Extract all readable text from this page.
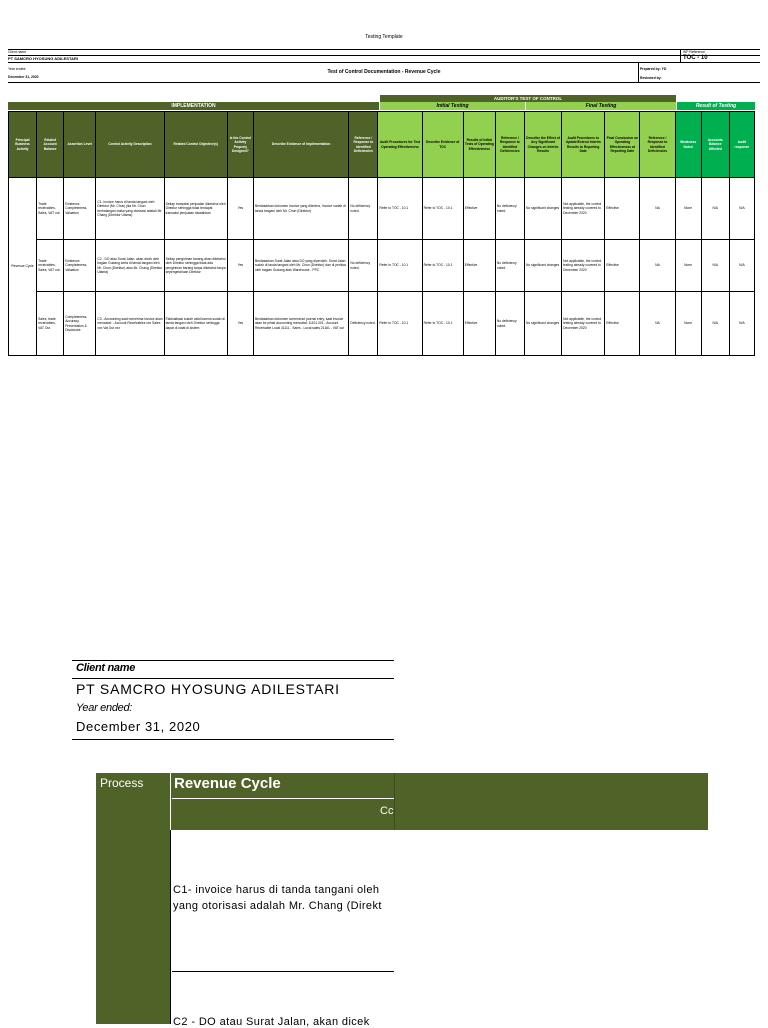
Testing Template
Client name	WP Reference
PT SAMCRO HYOSUNG ADILESTARI	TOC - 10
Year ended:	Test of Control Documentation - Revenue Cycle	Prepared by: YD
December 31, 2020	Reviewed by:
AUDITOR'S TEST OF CONTROL
IMPLEMENTATION	Initial Testing	Final Testing	Result of Testing
Principal Business Activity	Related Account Balance	Assertion Level	Control Activity Description	Related Control Objective(s)	Is the Control Activity Properly Designed?	Describe Evidence of Implementation	Reference / Response to Identified Deficiencies	Audit Procedures for Test Operating Effectiveness	Describe Evidence of TOC	Results of Initial Tests of Operating Effectiveness	Reference / Response to Identified Deficiencies	Describe the Effect of Any Significant Changes on Interim Results	Audit Procedures to Update/Extend Interim Results to Reporting Date	Final Conclusion on Operating Effectiveness at Reporting Date	Reference / Response to Identified Deficiencies	Weakness Noted	Accounts Balance Affected	Audit response
Revenue Cycle	Trade receivables, Sales, VAT out	Existence, Completeness, Valuation	C1- invoice harus di tanda tangani oleh Direktur (Mr. Chun) jika Mr. Chun berhalangan maka yang otorisasi adalah Mr. Chang (Direktur Utama)	Setiap transaksi penjualan diketahui oleh Direktur sehingga tidak terdapat transaksi penjualan disalahkan	Yes	Berdasarkan dokumen invoice yang diterima, Invoice sudah di tanda tangani oleh Mr. Chun (Direktur)	No deficiency noted.	Refer to TOC - 10.1	Refer to TOC - 10.1	Effective	No deficiency noted.	No significant changes	Not applicable, the control testing already covered to December 2020	Effective	NA	None	N/A	N/A
	Trade receivables, Sales, VAT out	Existence, Completeness, Valuation	C2 - DO atau Surat Jalan, akan dicek oleh bagian Gudang serta di tanda tangani oleh Mr. Chun (Direktur) atau Mr. Chang (Direktur Utama)	Setiap pengiriman barang akan diketahui oleh Direktur sehingga tidak ada pengiriman barang tanpa diketahui tanpa sepengetahuan Direktur	Yes	Berdasarkan Surat Jalan atau DO yang diperoleh, Surat Jalan sudah di tanda tangani oleh Mr. Chun (Direktur) dan di periksa oleh bagian Gudang atas Warehouse - PPC	No deficiency noted.	Refer to TOC - 10.1	Refer to TOC - 10.1	Effective	No deficiency noted.	No significant changes	Not applicable, the control testing already covered to December 2020	Effective	NA	None	N/A	N/A
	Sales, trade receivables, VAT Out	Completeness, Accuracy, Presentation & Disclosure	C3 - Accounting saat menerima invoice akan mencatat: - Account Receivables xxx Sales xxx Vat Out xxx	Faktualisasi sudah valid karena sudah di tanda tangani oleh Direktur sehingga dapat di catat di sistem	Yes	Berdasarkan dokumen screenshot journal entry, saat invoice akan ke pihak accounting mencatat: 11101.001 - Account Receivable Local 41111 - Sales - Local sales 21161 - VAT out	Deficiency noted.	Refer to TOC - 10.1	Refer to TOC - 10.1	Effective	No deficiency noted.	No significant changes	Not applicable, the control testing already covered to December 2020	Effective	NA	None	N/A	N/A
Client name
PT SAMCRO HYOSUNG ADILESTARI
Year ended:
December 31, 2020
Process Revenue Cycle
Cc
C1- invoice harus di tanda tangani oleh
yang otorisasi adalah Mr. Chang (Direkt
C2 - DO atau Surat Jalan, akan dicek
